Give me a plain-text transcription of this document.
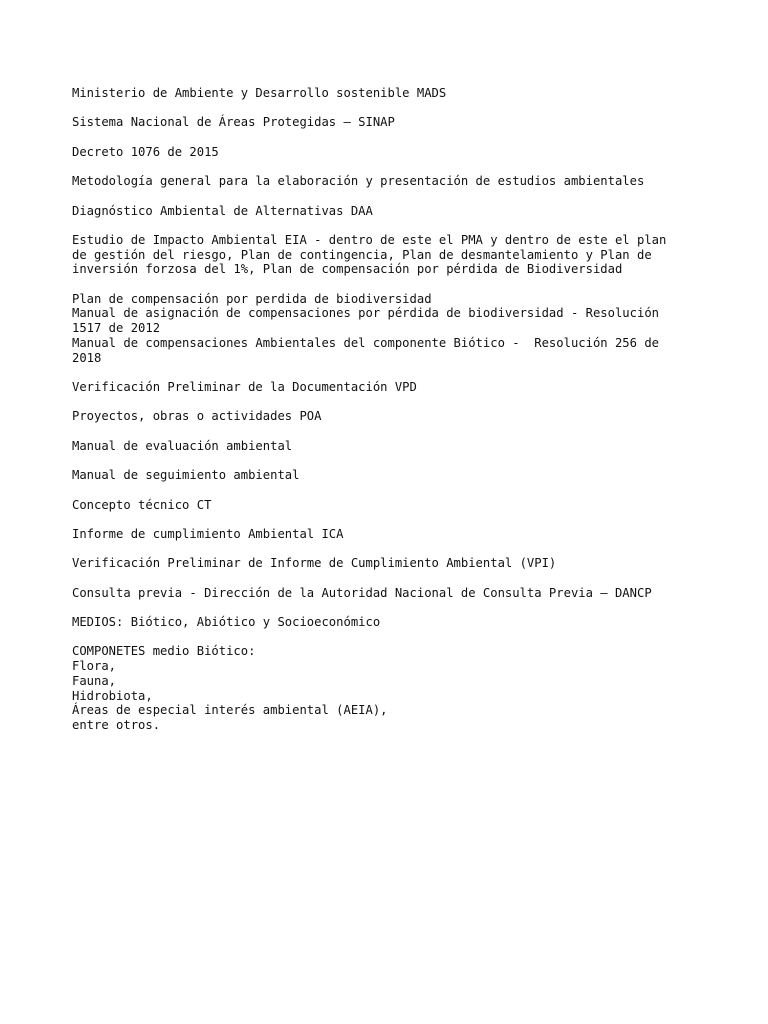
Ministerio de Ambiente y Desarrollo sostenible MADS

Sistema Nacional de Áreas Protegidas – SINAP

Decreto 1076 de 2015

Metodología general para la elaboración y presentación de estudios ambientales

Diagnóstico Ambiental de Alternativas DAA

Estudio de Impacto Ambiental EIA - dentro de este el PMA y dentro de este el plan
de gestión del riesgo, Plan de contingencia, Plan de desmantelamiento y Plan de
inversión forzosa del 1%, Plan de compensación por pérdida de Biodiversidad

Plan de compensación por perdida de biodiversidad
Manual de asignación de compensaciones por pérdida de biodiversidad - Resolución
1517 de 2012
Manual de compensaciones Ambientales del componente Biótico -  Resolución 256 de
2018

Verificación Preliminar de la Documentación VPD

Proyectos, obras o actividades POA

Manual de evaluación ambiental

Manual de seguimiento ambiental

Concepto técnico CT

Informe de cumplimiento Ambiental ICA

Verificación Preliminar de Informe de Cumplimiento Ambiental (VPI)

Consulta previa - Dirección de la Autoridad Nacional de Consulta Previa – DANCP

MEDIOS: Biótico, Abiótico y Socioeconómico

COMPONETES medio Biótico:
Flora,
Fauna,
Hidrobiota,
Áreas de especial interés ambiental (AEIA),
entre otros.
